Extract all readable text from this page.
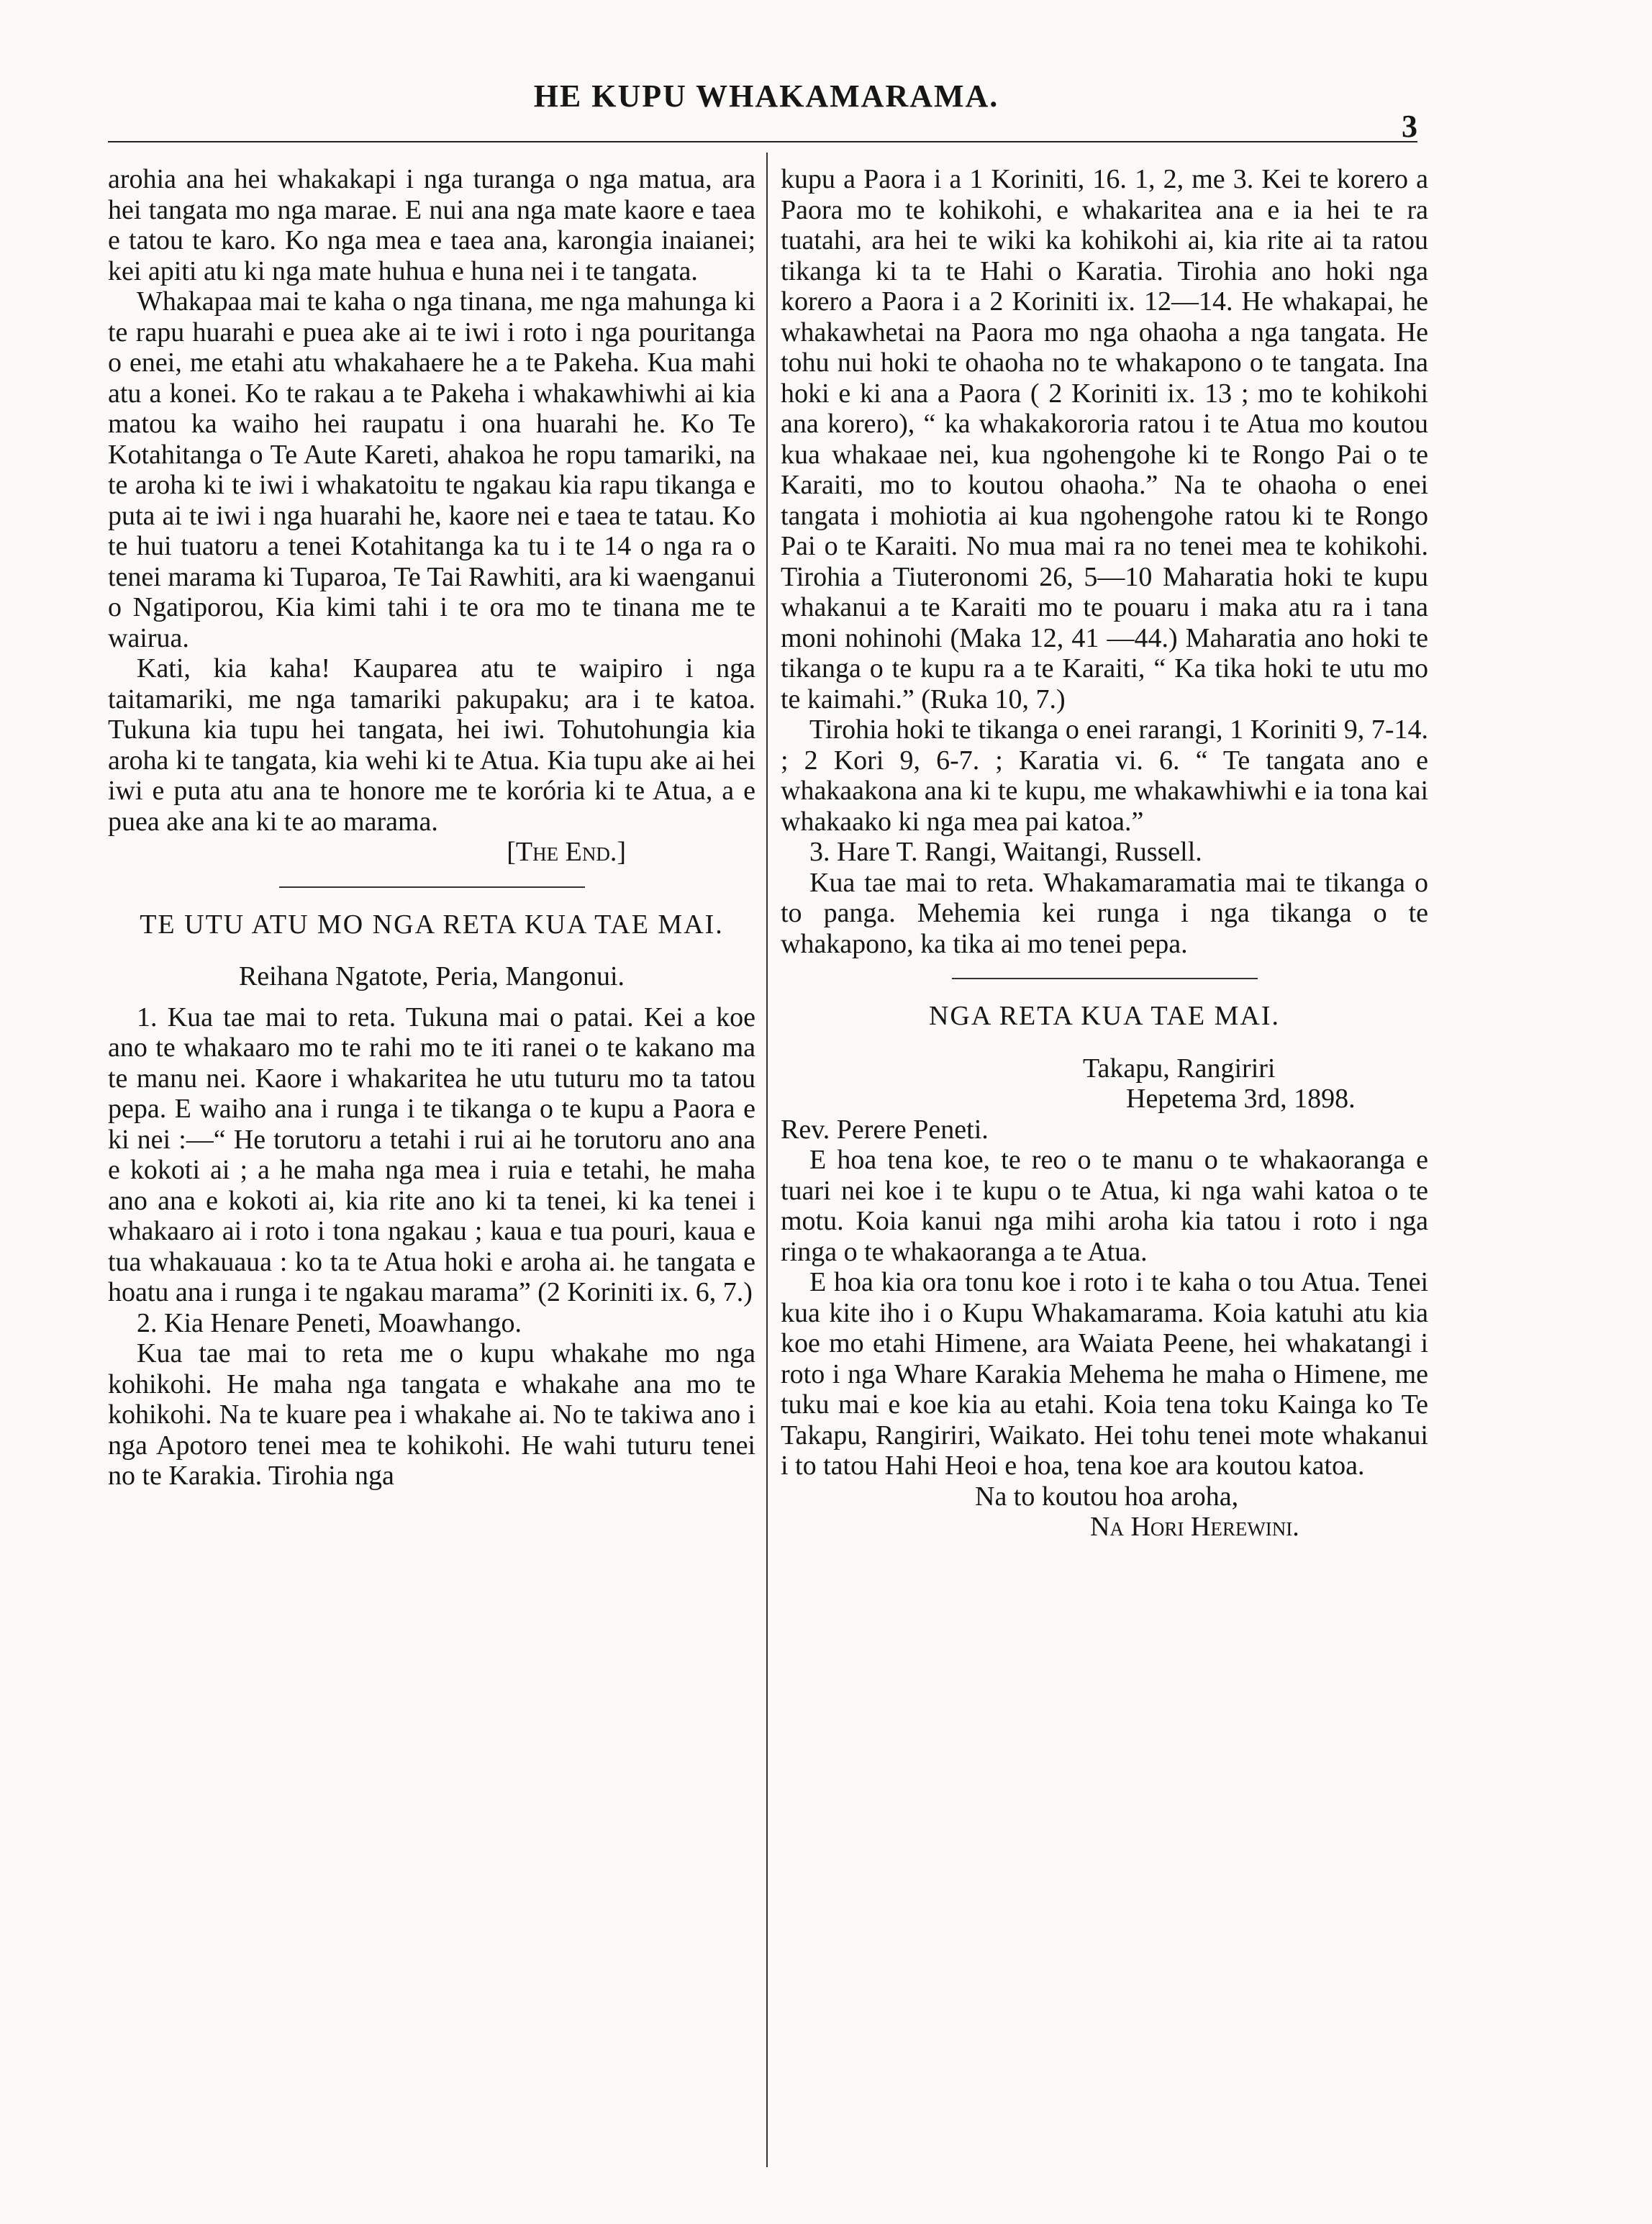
HE KUPU WHAKAMARAMA.
3

arohia ana hei whakakapi i nga turanga o nga matua, ara hei tangata mo nga marae. E nui ana nga mate kaore e taea e tatou te karo. Ko nga mea e taea ana, karongia inaianei; kei apiti atu ki nga mate huhua e huna nei i te tangata.

Whakapaa mai te kaha o nga tinana, me nga mahunga ki te rapu huarahi e puea ake ai te iwi i roto i nga pouritanga o enei, me etahi atu whakahaere he a te Pakeha. Kua mahi atu a konei. Ko te rakau a te Pakeha i whakawhiwhi ai kia matou ka waiho hei raupatu i ona huarahi he. Ko Te Kotahitanga o Te Aute Kareti, ahakoa he ropu tamariki, na te aroha ki te iwi i whakatoitu te ngakau kia rapu tikanga e puta ai te iwi i nga huarahi he, kaore nei e taea te tatau. Ko te hui tuatoru a tenei Kotahitanga ka tu i te 14 o nga ra o tenei marama ki Tuparoa, Te Tai Rawhiti, ara ki waenganui o Ngatiporou, Kia kimi tahi i te ora mo te tinana me te wairua.

Kati, kia kaha! Kauparea atu te waipiro i nga taitamariki, me nga tamariki pakupaku; ara i te katoa. Tukuna kia tupu hei tangata, hei iwi. Tohutohungia kia aroha ki te tangata, kia wehi ki te Atua. Kia tupu ake ai hei iwi e puta atu ana te honore me te korória ki te Atua, a e puea ake ana ki te ao marama.

[The End.]

TE UTU ATU MO NGA RETA KUA TAE MAI.

Reihana Ngatote, Peria, Mangonui.

1. Kua tae mai to reta. Tukuna mai o patai. Kei a koe ano te whakaaro mo te rahi mo te iti ranei o te kakano ma te manu nei. Kaore i whakaritea he utu tuturu mo ta tatou pepa. E waiho ana i runga i te tikanga o te kupu a Paora e ki nei :—“ He torutoru a tetahi i rui ai he torutoru ano ana e kokoti ai ; a he maha nga mea i ruia e tetahi, he maha ano ana e kokoti ai, kia rite ano ki ta tenei, ki ka tenei i whakaaro ai i roto i tona ngakau ; kaua e tua pouri, kaua e tua whakauaua : ko ta te Atua hoki e aroha ai. he tangata e hoatu ana i runga i te ngakau marama” (2 Koriniti ix. 6, 7.)

2. Kia Henare Peneti, Moawhango.

Kua tae mai to reta me o kupu whakahe mo nga kohikohi. He maha nga tangata e whakahe ana mo te kohikohi. Na te kuare pea i whakahe ai. No te takiwa ano i nga Apotoro tenei mea te kohikohi. He wahi tuturu tenei no te Karakia. Tirohia nga

kupu a Paora i a 1 Koriniti, 16. 1, 2, me 3. Kei te korero a Paora mo te kohikohi, e whakaritea ana e ia hei te ra tuatahi, ara hei te wiki ka kohikohi ai, kia rite ai ta ratou tikanga ki ta te Hahi o Karatia. Tirohia ano hoki nga korero a Paora i a 2 Koriniti ix. 12—14. He whakapai, he whakawhetai na Paora mo nga ohaoha a nga tangata. He tohu nui hoki te ohaoha no te whakapono o te tangata. Ina hoki e ki ana a Paora ( 2 Koriniti ix. 13 ; mo te kohikohi ana korero), “ ka whakakororia ratou i te Atua mo koutou kua whakaae nei, kua ngohengohe ki te Rongo Pai o te Karaiti, mo to koutou ohaoha.” Na te ohaoha o enei tangata i mohiotia ai kua ngohengohe ratou ki te Rongo Pai o te Karaiti. No mua mai ra no tenei mea te kohikohi. Tirohia a Tiuteronomi 26, 5—10 Maharatia hoki te kupu whakanui a te Karaiti mo te pouaru i maka atu ra i tana moni nohinohi (Maka 12, 41 —44.) Maharatia ano hoki te tikanga o te kupu ra a te Karaiti, “ Ka tika hoki te utu mo te kaimahi.” (Ruka 10, 7.)

Tirohia hoki te tikanga o enei rarangi, 1 Koriniti 9, 7-14. ; 2 Kori 9, 6-7. ; Karatia vi. 6. “ Te tangata ano e whakaakona ana ki te kupu, me whakawhiwhi e ia tona kai whakaako ki nga mea pai katoa.”

3. Hare T. Rangi, Waitangi, Russell.

Kua tae mai to reta. Whakamaramatia mai te tikanga o to panga. Mehemia kei runga i nga tikanga o te whakapono, ka tika ai mo tenei pepa.

NGA RETA KUA TAE MAI.

Takapu, Rangiriri

Hepetema 3rd, 1898.

Rev. Perere Peneti.

E hoa tena koe, te reo o te manu o te whakaoranga e tuari nei koe i te kupu o te Atua, ki nga wahi katoa o te motu. Koia kanui nga mihi aroha kia tatou i roto i nga ringa o te whakaoranga a te Atua.

E hoa kia ora tonu koe i roto i te kaha o tou Atua. Tenei kua kite iho i o Kupu Whakamarama. Koia katuhi atu kia koe mo etahi Himene, ara Waiata Peene, hei whakatangi i roto i nga Whare Karakia Mehema he maha o Himene, me tuku mai e koe kia au etahi. Koia tena toku Kainga ko Te Takapu, Rangiriri, Waikato. Hei tohu tenei mote whakanui i to tatou Hahi Heoi e hoa, tena koe ara koutou katoa.

Na to koutou hoa aroha,

Na Hori Herewini.
